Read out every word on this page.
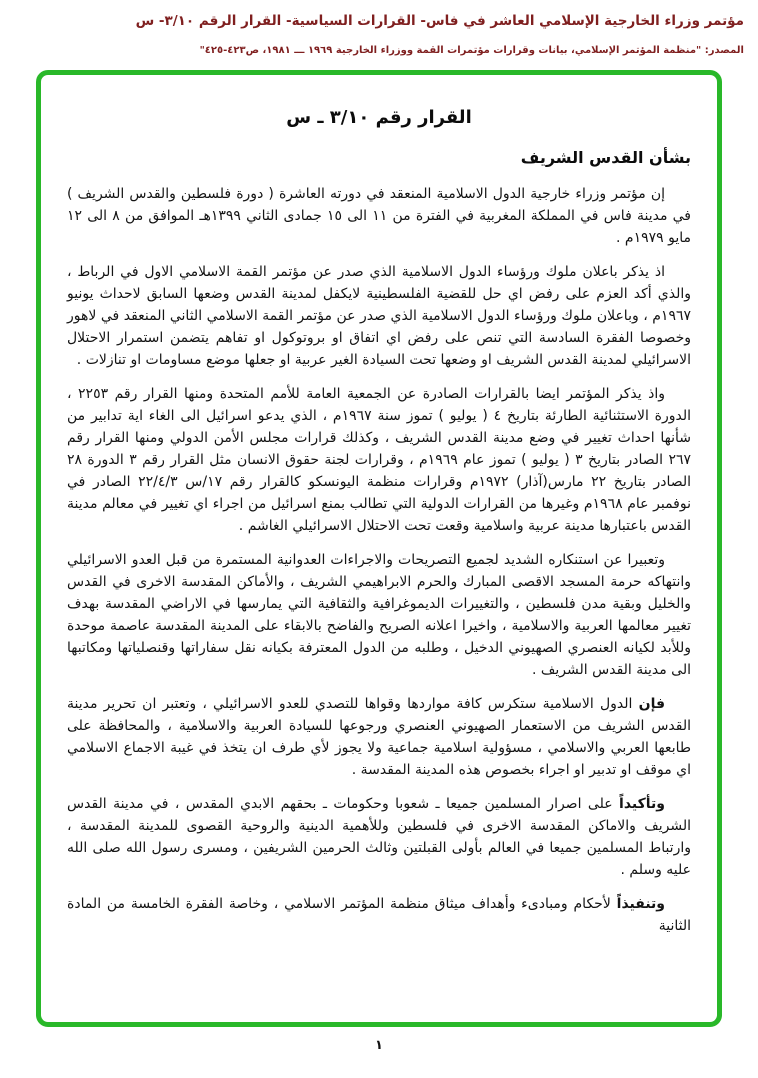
مؤتمر وزراء الخارجية الإسلامي العاشر في فاس- القرارات السياسية- القرار الرقم ٣/١٠- س
المصدر: "منظمة المؤتمر الإسلامي، بيانات وقرارات مؤتمرات القمة ووزراء الخارجية ١٩٦٩ ـــ ١٩٨١، ص٤٢٣-٤٢٥"
القرار رقم ٣/١٠ ـ س
بشأن القدس الشريف

إن مؤتمر وزراء خارجية الدول الاسلامية المنعقد في دورته العاشرة ( دورة فلسطين والقدس الشريف ) في مدينة فاس في المملكة المغربية في الفترة من ١١ الى ١٥ جمادى الثاني ١٣٩٩هـ الموافق من ٨ الى ١٢ مايو ١٩٧٩م .

اذ يذكر باعلان ملوك ورؤساء الدول الاسلامية الذي صدر عن مؤتمر القمة الاسلامي الاول في الرباط ، والذي أكد العزم على رفض اي حل للقضية الفلسطينية لايكفل لمدينة القدس وضعها السابق لاحداث يونيو ١٩٦٧م ، وباعلان ملوك ورؤساء الدول الاسلامية الذي صدر عن مؤتمر القمة الاسلامي الثاني المنعقد في لاهور وخصوصا الفقرة السادسة التي تنص على رفض اي اتفاق او بروتوكول او تفاهم يتضمن استمرار الاحتلال الاسرائيلي لمدينة القدس الشريف او وضعها تحت السيادة الغير عربية او جعلها موضع مساومات او تنازلات .

واذ يذكر المؤتمر ايضا بالقرارات الصادرة عن الجمعية العامة للأمم المتحدة ومنها القرار رقم ٢٢٥٣ ، الدورة الاستثنائية الطارئة بتاريخ ٤ ( يوليو ) تموز سنة ١٩٦٧م ، الذي يدعو اسرائيل الى الغاء اية تدابير من شأنها احداث تغيير في وضع مدينة القدس الشريف ، وكذلك قرارات مجلس الأمن الدولي ومنها القرار رقم ٢٦٧ الصادر بتاريخ ٣ ( يوليو ) تموز عام ١٩٦٩م ، وقرارات لجنة حقوق الانسان مثل القرار رقم ٣ الدورة ٢٨ الصادر بتاريخ ٢٢ مارس(آذار) ١٩٧٢م وقرارات منظمة اليونسكو كالقرار رقم ١٧/س ٢٢/٤/٣ الصادر في نوفمبر عام ١٩٦٨م وغيرها من القرارات الدولية التي تطالب بمنع اسرائيل من اجراء اي تغيير في معالم مدينة القدس باعتبارها مدينة عربية واسلامية وقعت تحت الاحتلال الاسرائيلي الغاشم .

وتعبيرا عن استنكاره الشديد لجميع التصريحات والاجراءات العدوانية المستمرة من قبل العدو الاسرائيلي وانتهاكه حرمة المسجد الاقصى المبارك والحرم الابراهيمي الشريف ، والأماكن المقدسة الاخرى في القدس والخليل وبقية مدن فلسطين ، والتغييرات الديموغرافية والثقافية التي يمارسها في الاراضي المقدسة بهدف تغيير معالمها العربية والاسلامية ، واخيرا اعلانه الصريح والفاضح بالابقاء على المدينة المقدسة عاصمة موحدة وللأبد لكيانه العنصري الصهيوني الدخيل ، وطلبه من الدول المعترفة بكيانه نقل سفاراتها وقنصلياتها ومكاتبها الى مدينة القدس الشريف .

فإن الدول الاسلامية ستكرس كافة مواردها وقواها للتصدي للعدو الاسرائيلي ، وتعتبر ان تحرير مدينة القدس الشريف من الاستعمار الصهيوني العنصري ورجوعها للسيادة العربية والاسلامية ، والمحافظة على طابعها العربي والاسلامي ، مسؤولية اسلامية جماعية ولا يجوز لأي طرف ان يتخذ في غيبة الاجماع الاسلامي اي موقف او تدبير او اجراء بخصوص هذه المدينة المقدسة .

وتأكيداً على اصرار المسلمين جميعا ـ شعوبا وحكومات ـ بحقهم الابدي المقدس ، في مدينة القدس الشريف والاماكن المقدسة الاخرى في فلسطين وللأهمية الدينية والروحية القصوى للمدينة المقدسة ، وارتباط المسلمين جميعا في العالم بأولى القبلتين وثالث الحرمين الشريفين ، ومسرى رسول الله صلى الله عليه وسلم .

وتنفيذاً لأحكام ومبادىء وأهداف ميثاق منظمة المؤتمر الاسلامي ، وخاصة الفقرة الخامسة من المادة الثانية

١
